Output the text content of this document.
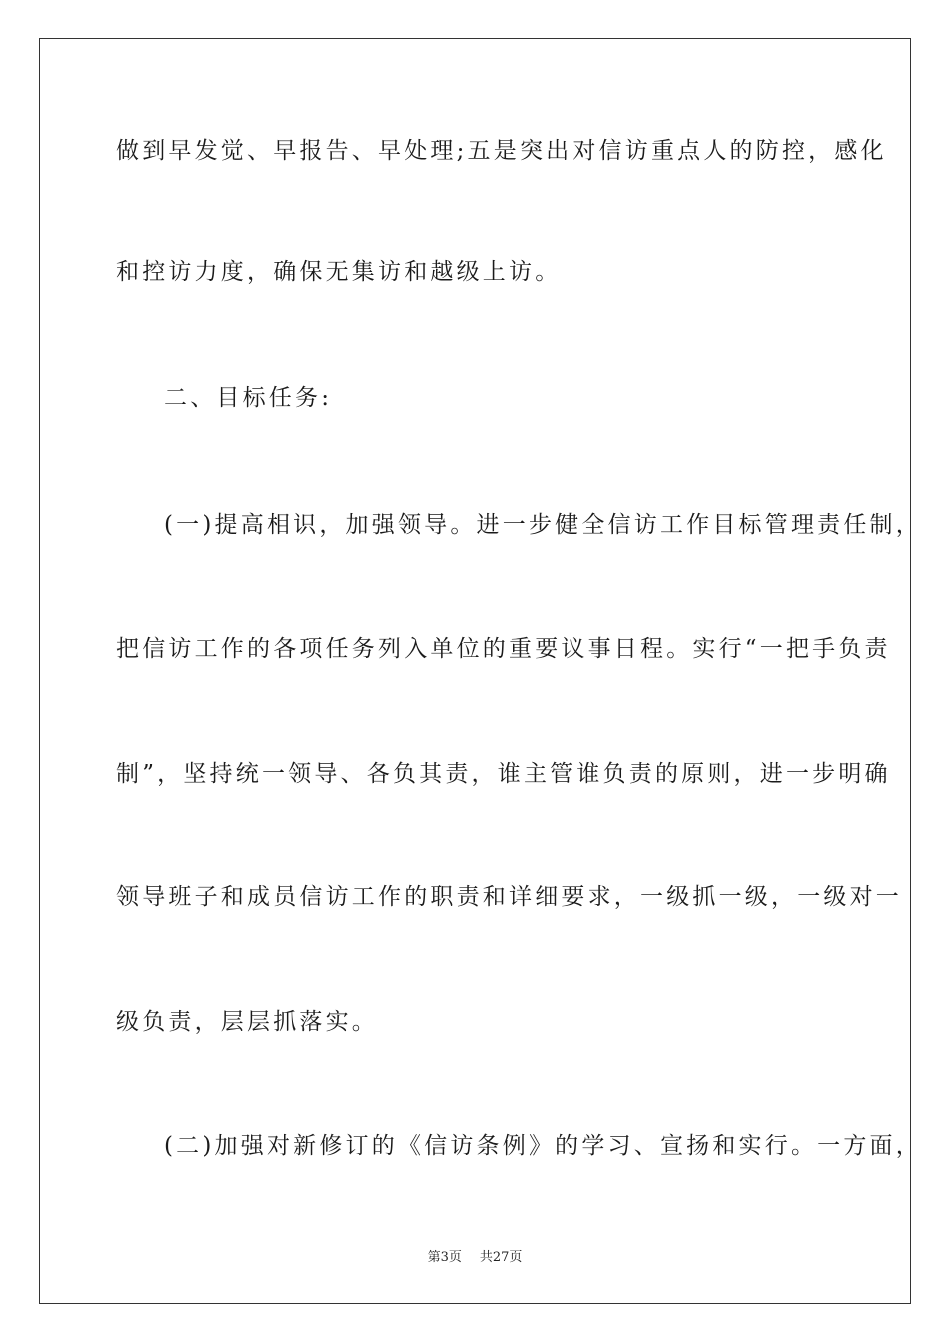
做到早发觉、早报告、早处理;五是突出对信访重点人的防控，感化
和控访力度，确保无集访和越级上访。
二、目标任务:
(一)提高相识，加强领导。进一步健全信访工作目标管理责任制，
把信访工作的各项任务列入单位的重要议事日程。实行“一把手负责
制”，坚持统一领导、各负其责，谁主管谁负责的原则，进一步明确
领导班子和成员信访工作的职责和详细要求，一级抓一级，一级对一
级负责，层层抓落实。
(二)加强对新修订的《信访条例》的学习、宣扬和实行。一方面，
第3页 共27页
